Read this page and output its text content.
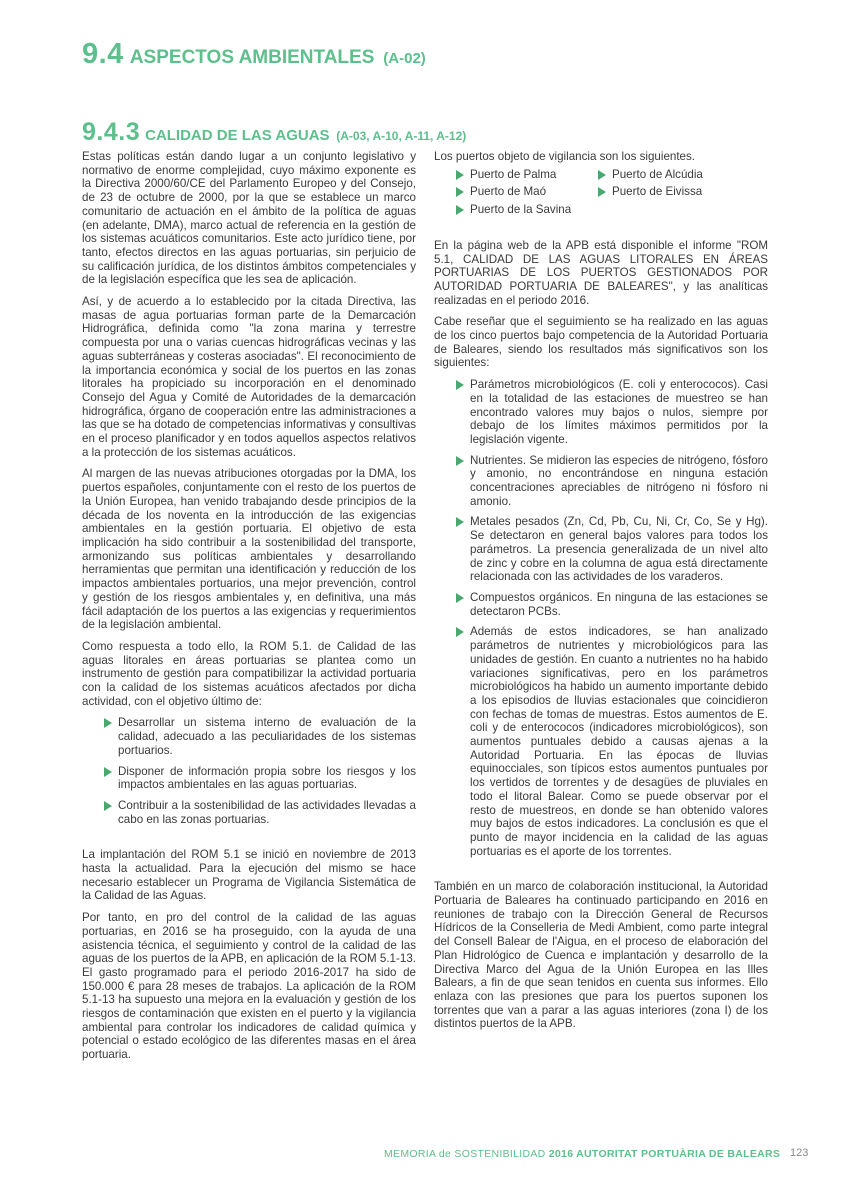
9.4 ASPECTOS AMBIENTALES (A-02)
9.4.3 CALIDAD DE LAS AGUAS (A-03, A-10, A-11, A-12)

Estas políticas están dando lugar a un conjunto legislativo y normativo de enorme complejidad, cuyo máximo exponente es la Directiva 2000/60/CE del Parlamento Europeo y del Consejo, de 23 de octubre de 2000, por la que se establece un marco comunitario de actuación en el ámbito de la política de aguas (en adelante, DMA), marco actual de referencia en la gestión de los sistemas acuáticos comunitarios. Este acto jurídico tiene, por tanto, efectos directos en las aguas portuarias, sin perjuicio de su calificación jurídica, de los distintos ámbitos competenciales y de la legislación específica que les sea de aplicación.

Así, y de acuerdo a lo establecido por la citada Directiva, las masas de agua portuarias forman parte de la Demarcación Hidrográfica, definida como "la zona marina y terrestre compuesta por una o varias cuencas hidrográficas vecinas y las aguas subterráneas y costeras asociadas". El reconocimiento de la importancia económica y social de los puertos en las zonas litorales ha propiciado su incorporación en el denominado Consejo del Agua y Comité de Autoridades de la demarcación hidrográfica, órgano de cooperación entre las administraciones a las que se ha dotado de competencias informativas y consultivas en el proceso planificador y en todos aquellos aspectos relativos a la protección de los sistemas acuáticos.

Al margen de las nuevas atribuciones otorgadas por la DMA, los puertos españoles, conjuntamente con el resto de los puertos de la Unión Europea, han venido trabajando desde principios de la década de los noventa en la introducción de las exigencias ambientales en la gestión portuaria. El objetivo de esta implicación ha sido contribuir a la sostenibilidad del transporte, armonizando sus políticas ambientales y desarrollando herramientas que permitan una identificación y reducción de los impactos ambientales portuarios, una mejor prevención, control y gestión de los riesgos ambientales y, en definitiva, una más fácil adaptación de los puertos a las exigencias y requerimientos de la legislación ambiental.

Como respuesta a todo ello, la ROM 5.1. de Calidad de las aguas litorales en áreas portuarias se plantea como un instrumento de gestión para compatibilizar la actividad portuaria con la calidad de los sistemas acuáticos afectados por dicha actividad, con el objetivo último de:

Desarrollar un sistema interno de evaluación de la calidad, adecuado a las peculiaridades de los sistemas portuarios.
Disponer de información propia sobre los riesgos y los impactos ambientales en las aguas portuarias.
Contribuir a la sostenibilidad de las actividades llevadas a cabo en las zonas portuarias.

La implantación del ROM 5.1 se inició en noviembre de 2013 hasta la actualidad. Para la ejecución del mismo se hace necesario establecer un Programa de Vigilancia Sistemática de la Calidad de las Aguas.

Por tanto, en pro del control de la calidad de las aguas portuarias, en 2016 se ha proseguido, con la ayuda de una asistencia técnica, el seguimiento y control de la calidad de las aguas de los puertos de la APB, en aplicación de la ROM 5.1-13. El gasto programado para el periodo 2016-2017 ha sido de 150.000 € para 28 meses de trabajos. La aplicación de la ROM 5.1-13 ha supuesto una mejora en la evaluación y gestión de los riesgos de contaminación que existen en el puerto y la vigilancia ambiental para controlar los indicadores de calidad química y potencial o estado ecológico de las diferentes masas en el área portuaria.

Los puertos objeto de vigilancia son los siguientes.

Puerto de Palma	Puerto de Alcúdia
Puerto de Maó	Puerto de Eivissa
Puerto de la Savina

En la página web de la APB está disponible el informe "ROM 5.1, CALIDAD DE LAS AGUAS LITORALES EN ÁREAS PORTUARIAS DE LOS PUERTOS GESTIONADOS POR AUTORIDAD PORTUARIA DE BALEARES", y las analíticas realizadas en el periodo 2016.

Cabe reseñar que el seguimiento se ha realizado en las aguas de los cinco puertos bajo competencia de la Autoridad Portuaria de Baleares, siendo los resultados más significativos son los siguientes:

Parámetros microbiológicos (E. coli y enterococos). Casi en la totalidad de las estaciones de muestreo se han encontrado valores muy bajos o nulos, siempre por debajo de los límites máximos permitidos por la legislación vigente.
Nutrientes. Se midieron las especies de nitrógeno, fósforo y amonio, no encontrándose en ninguna estación concentraciones apreciables de nitrógeno ni fósforo ni amonio.
Metales pesados (Zn, Cd, Pb, Cu, Ni, Cr, Co, Se y Hg). Se detectaron en general bajos valores para todos los parámetros. La presencia generalizada de un nivel alto de zinc y cobre en la columna de agua está directamente relacionada con las actividades de los varaderos.
Compuestos orgánicos. En ninguna de las estaciones se detectaron PCBs.
Además de estos indicadores, se han analizado parámetros de nutrientes y microbiológicos para las unidades de gestión. En cuanto a nutrientes no ha habido variaciones significativas, pero en los parámetros microbiológicos ha habido un aumento importante debido a los episodios de lluvias estacionales que coincidieron con fechas de tomas de muestras. Estos aumentos de E. coli y de enterococos (indicadores microbiológicos), son aumentos puntuales debido a causas ajenas a la Autoridad Portuaria. En las épocas de lluvias equinocciales, son típicos estos aumentos puntuales por los vertidos de torrentes y de desagües de pluviales en todo el litoral Balear. Como se puede observar por el resto de muestreos, en donde se han obtenido valores muy bajos de estos indicadores. La conclusión es que el punto de mayor incidencia en la calidad de las aguas portuarias es el aporte de los torrentes.

También en un marco de colaboración institucional, la Autoridad Portuaria de Baleares ha continuado participando en 2016 en reuniones de trabajo con la Dirección General de Recursos Hídricos de la Conselleria de Medi Ambient, como parte integral del Consell Balear de l'Aigua, en el proceso de elaboración del Plan Hidrológico de Cuenca e implantación y desarrollo de la Directiva Marco del Agua de la Unión Europea en las Illes Balears, a fin de que sean tenidos en cuenta sus informes. Ello enlaza con las presiones que para los puertos suponen los torrentes que van a parar a las aguas interiores (zona I) de los distintos puertos de la APB.

MEMORIA de SOSTENIBILIDAD 2016 AUTORITAT PORTUÀRIA DE BALEARS 123
